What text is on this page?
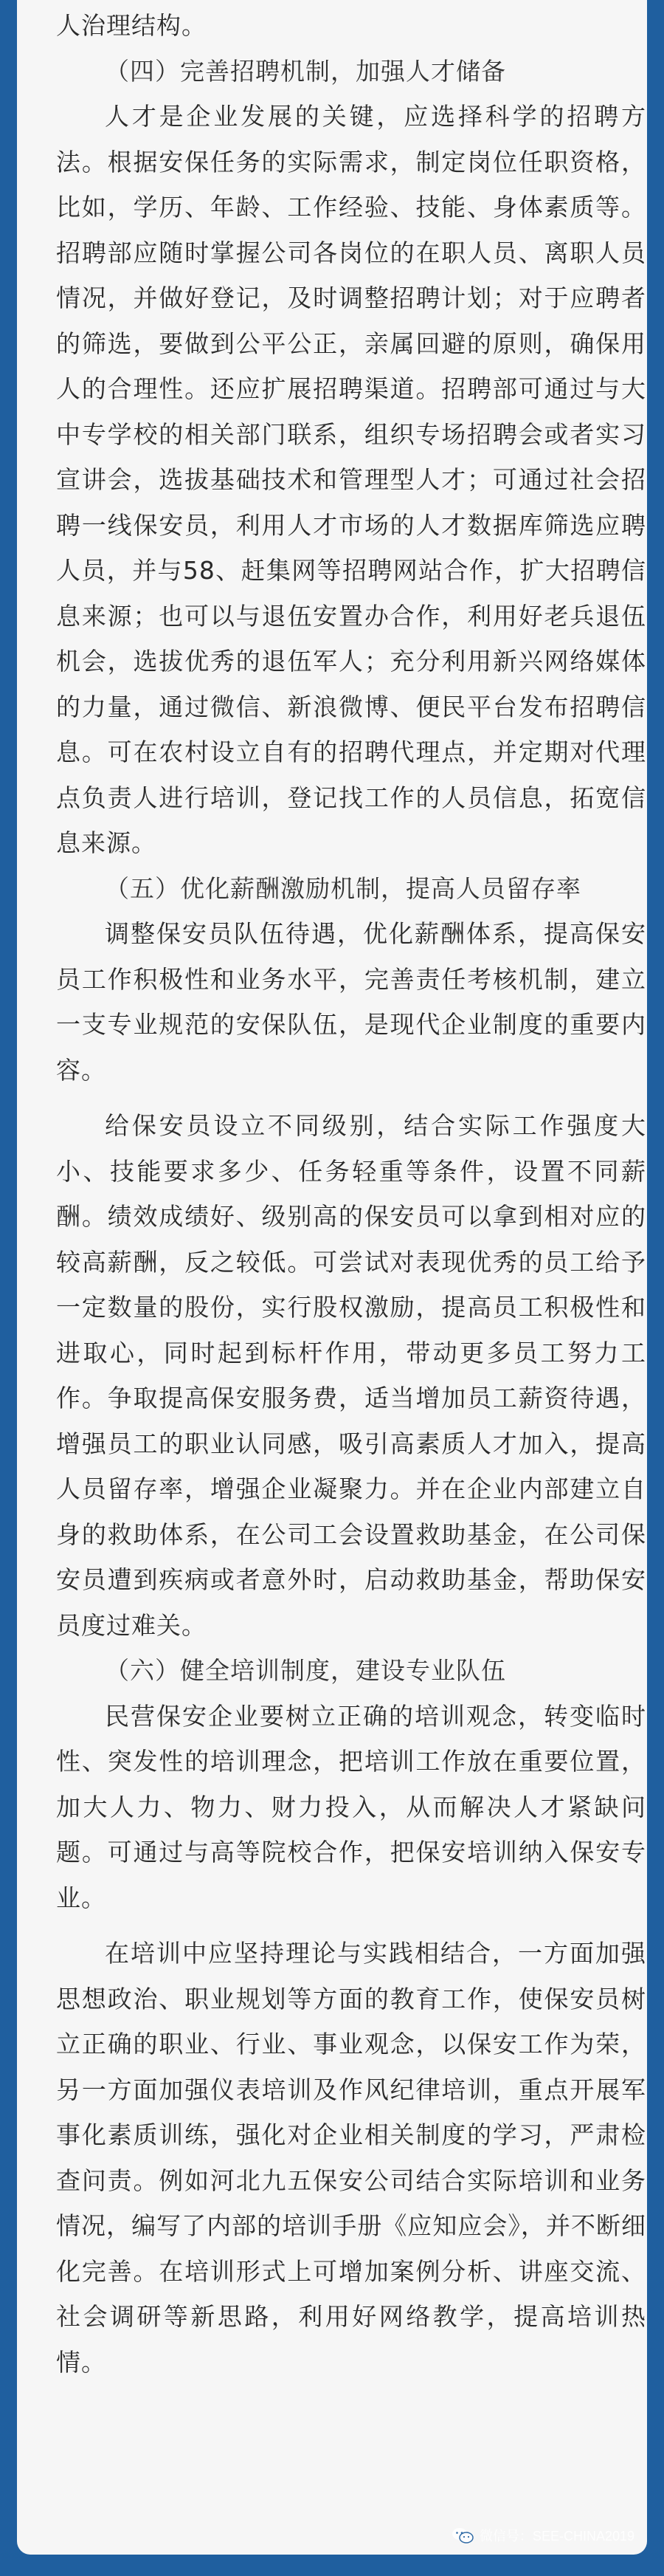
人治理结构。

（四）完善招聘机制，加强人才储备

人才是企业发展的关键，应选择科学的招聘方法。根据安保任务的实际需求，制定岗位任职资格，比如，学历、年龄、工作经验、技能、身体素质等。招聘部应随时掌握公司各岗位的在职人员、离职人员情况，并做好登记，及时调整招聘计划；对于应聘者的筛选，要做到公平公正，亲属回避的原则，确保用人的合理性。还应扩展招聘渠道。招聘部可通过与大中专学校的相关部门联系，组织专场招聘会或者实习宣讲会，选拔基础技术和管理型人才；可通过社会招聘一线保安员，利用人才市场的人才数据库筛选应聘人员，并与58、赶集网等招聘网站合作，扩大招聘信息来源；也可以与退伍安置办合作，利用好老兵退伍机会，选拔优秀的退伍军人；充分利用新兴网络媒体的力量，通过微信、新浪微博、便民平台发布招聘信息。可在农村设立自有的招聘代理点，并定期对代理点负责人进行培训，登记找工作的人员信息，拓宽信息来源。

（五）优化薪酬激励机制，提高人员留存率

调整保安员队伍待遇，优化薪酬体系，提高保安员工作积极性和业务水平，完善责任考核机制，建立一支专业规范的安保队伍，是现代企业制度的重要内容。

给保安员设立不同级别，结合实际工作强度大小、技能要求多少、任务轻重等条件，设置不同薪酬。绩效成绩好、级别高的保安员可以拿到相对应的较高薪酬，反之较低。可尝试对表现优秀的员工给予一定数量的股份，实行股权激励，提高员工积极性和进取心，同时起到标杆作用，带动更多员工努力工作。争取提高保安服务费，适当增加员工薪资待遇，增强员工的职业认同感，吸引高素质人才加入，提高人员留存率，增强企业凝聚力。并在企业内部建立自身的救助体系，在公司工会设置救助基金，在公司保安员遭到疾病或者意外时，启动救助基金，帮助保安员度过难关。

（六）健全培训制度，建设专业队伍

民营保安企业要树立正确的培训观念，转变临时性、突发性的培训理念，把培训工作放在重要位置，加大人力、物力、财力投入，从而解决人才紧缺问题。可通过与高等院校合作，把保安培训纳入保安专业。

在培训中应坚持理论与实践相结合，一方面加强思想政治、职业规划等方面的教育工作，使保安员树立正确的职业、行业、事业观念，以保安工作为荣，另一方面加强仪表培训及作风纪律培训，重点开展军事化素质训练，强化对企业相关制度的学习，严肃检查问责。例如河北九五保安公司结合实际培训和业务情况，编写了内部的培训手册《应知应会》，并不断细化完善。在培训形式上可增加案例分析、讲座交流、社会调研等新思路，利用好网络教学，提高培训热情。

微信号：SEE-CHINA2019
